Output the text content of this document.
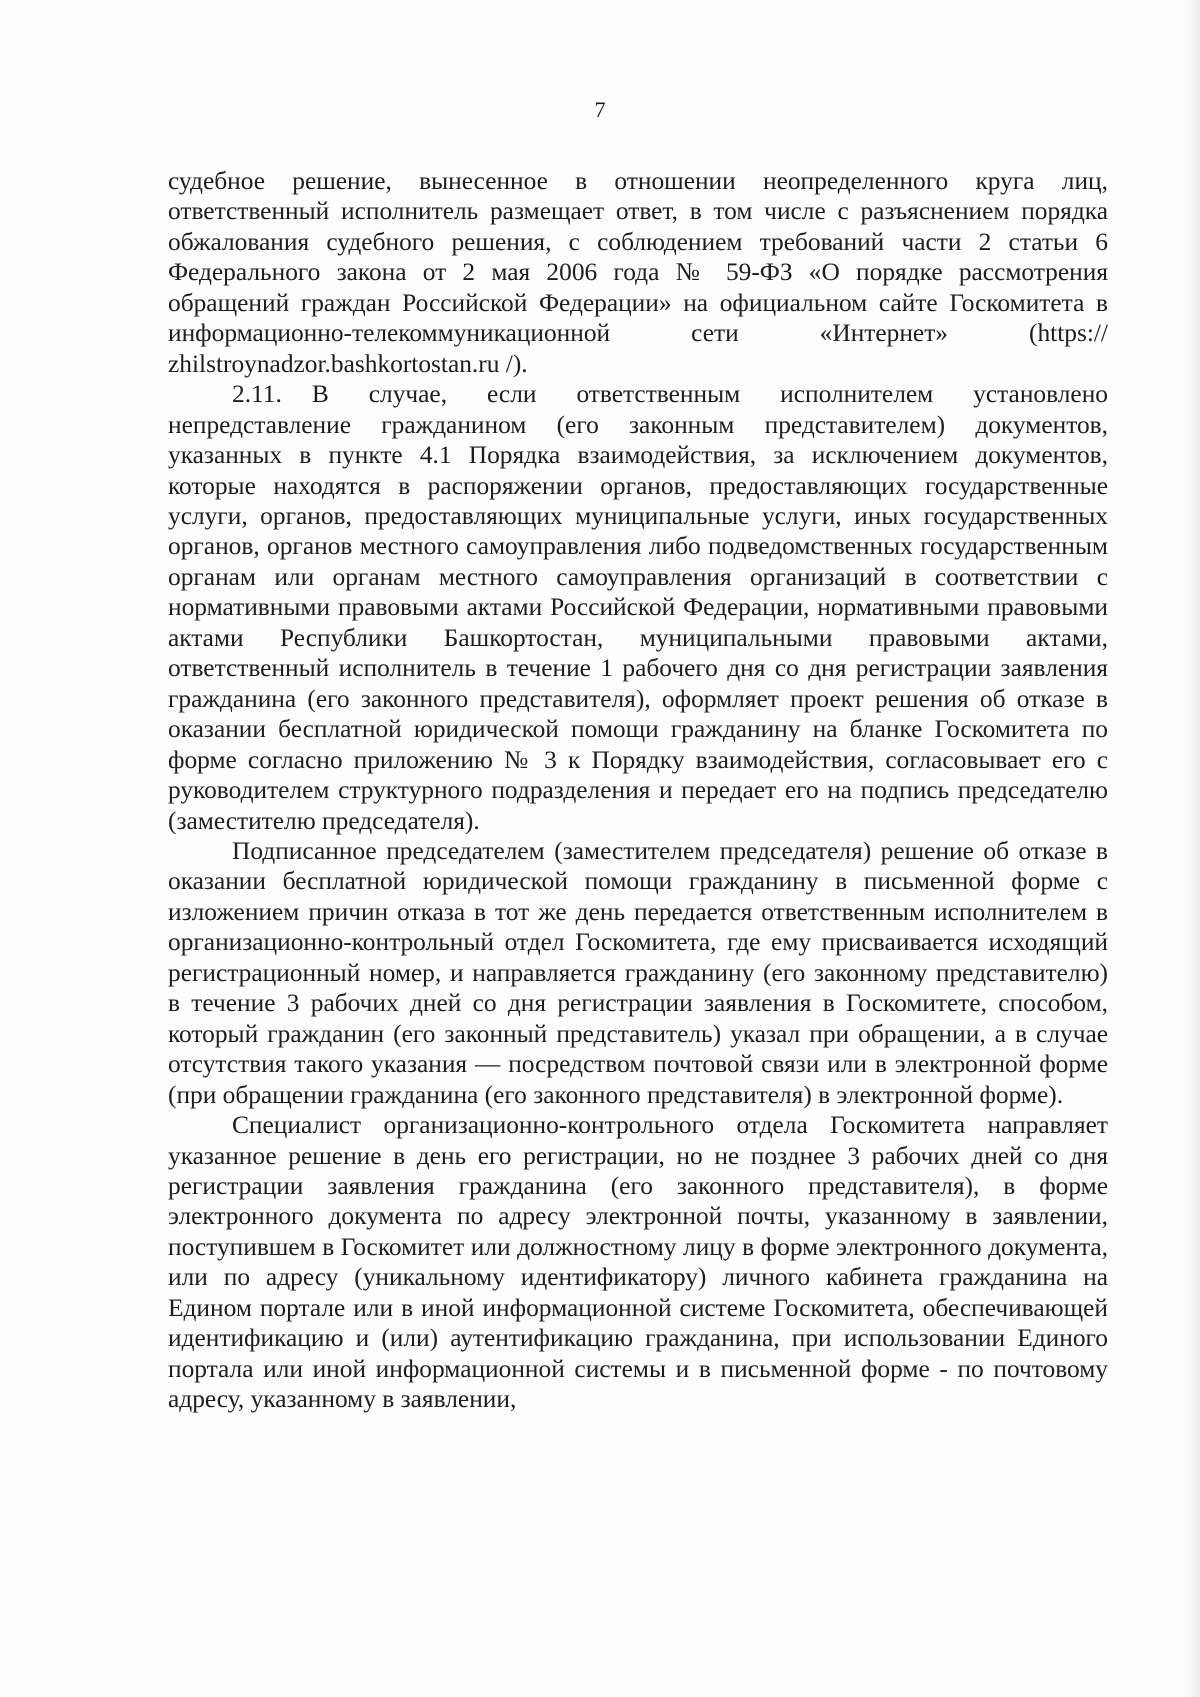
7

судебное решение, вынесенное в отношении неопределенного круга лиц, ответственный исполнитель размещает ответ, в том числе с разъяснением порядка обжалования судебного решения, с соблюдением требований части 2 статьи 6 Федерального закона от 2 мая 2006 года № 59-ФЗ «О порядке рассмотрения обращений граждан Российской Федерации» на официальном сайте Госкомитета в информационно-телекоммуникационной сети «Интернет» (https:// zhilstroynadzor.bashkortostan.ru /).

2.11. В случае, если ответственным исполнителем установлено непредставление гражданином (его законным представителем) документов, указанных в пункте 4.1 Порядка взаимодействия, за исключением документов, которые находятся в распоряжении органов, предоставляющих государственные услуги, органов, предоставляющих муниципальные услуги, иных государственных органов, органов местного самоуправления либо подведомственных государственным органам или органам местного самоуправления организаций в соответствии с нормативными правовыми актами Российской Федерации, нормативными правовыми актами Республики Башкортостан, муниципальными правовыми актами, ответственный исполнитель в течение 1 рабочего дня со дня регистрации заявления гражданина (его законного представителя), оформляет проект решения об отказе в оказании бесплатной юридической помощи гражданину на бланке Госкомитета по форме согласно приложению № 3 к Порядку взаимодействия, согласовывает его с руководителем структурного подразделения и передает его на подпись председателю (заместителю председателя).

Подписанное председателем (заместителем председателя) решение об отказе в оказании бесплатной юридической помощи гражданину в письменной форме с изложением причин отказа в тот же день передается ответственным исполнителем в организационно-контрольный отдел Госкомитета, где ему присваивается исходящий регистрационный номер, и направляется гражданину (его законному представителю) в течение 3 рабочих дней со дня регистрации заявления в Госкомитете, способом, который гражданин (его законный представитель) указал при обращении, а в случае отсутствия такого указания — посредством почтовой связи или в электронной форме (при обращении гражданина (его законного представителя) в электронной форме).

Специалист организационно-контрольного отдела Госкомитета направляет указанное решение в день его регистрации, но не позднее 3 рабочих дней со дня регистрации заявления гражданина (его законного представителя), в форме электронного документа по адресу электронной почты, указанному в заявлении, поступившем в Госкомитет или должностному лицу в форме электронного документа, или по адресу (уникальному идентификатору) личного кабинета гражданина на Едином портале или в иной информационной системе Госкомитета, обеспечивающей идентификацию и (или) аутентификацию гражданина, при использовании Единого портала или иной информационной системы и в письменной форме - по почтовому адресу, указанному в заявлении,
